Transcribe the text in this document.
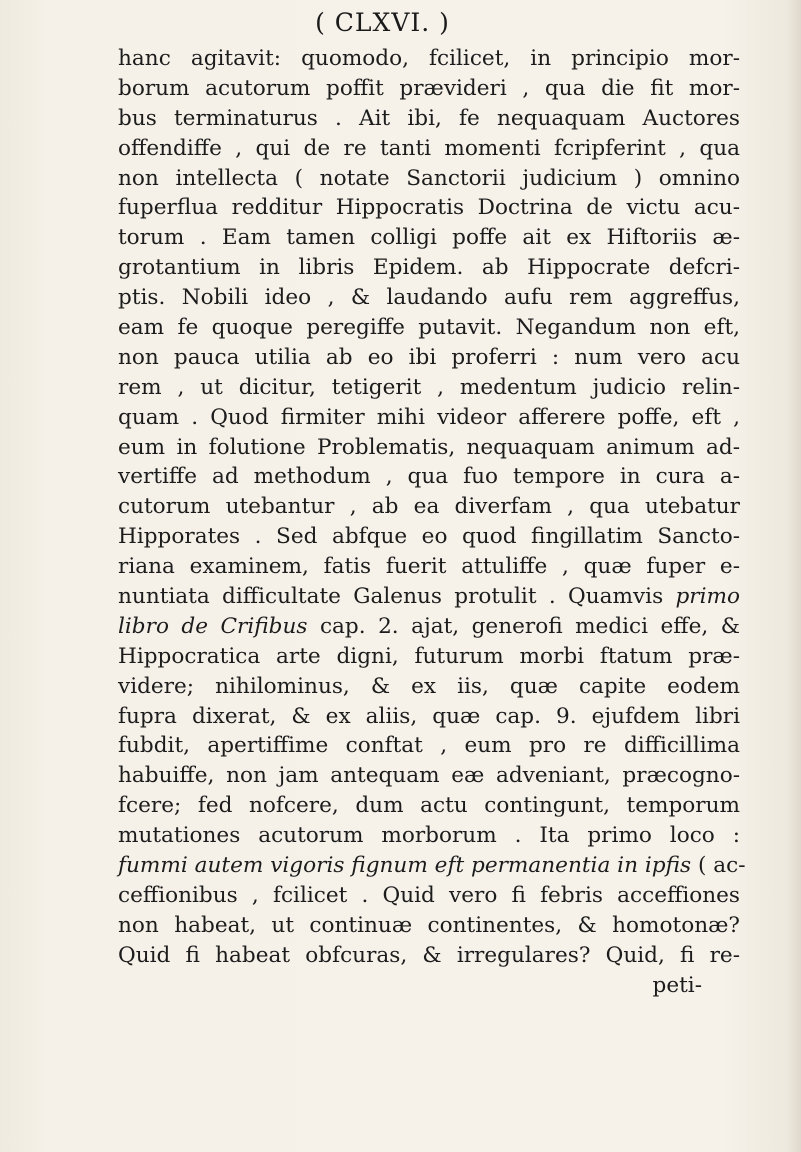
( CLXVI. )
hanc agitavit: quomodo, fcilicet, in principio mor-
borum acutorum poffit prævideri , qua die fit mor-
bus terminaturus . Ait ibi, fe nequaquam Auctores
offendiffe , qui de re tanti momenti fcripferint , qua
non intellecta ( notate Sanctorii judicium ) omnino
fuperflua redditur Hippocratis Doctrina de victu acu-
torum . Eam tamen colligi poffe ait ex Hiftoriis æ-
grotantium in libris Epidem. ab Hippocrate defcri-
ptis. Nobili ideo , & laudando aufu rem aggreffus,
eam fe quoque peregiffe putavit. Negandum non eft,
non pauca utilia ab eo ibi proferri : num vero acu
rem , ut dicitur, tetigerit , medentum judicio relin-
quam . Quod firmiter mihi videor afferere poffe, eft ,
eum in folutione Problematis, nequaquam animum ad-
vertiffe ad methodum , qua fuo tempore in cura a-
cutorum utebantur , ab ea diverfam , qua utebatur
Hipporates . Sed abfque eo quod fingillatim Sancto-
riana examinem, fatis fuerit attuliffe , quæ fuper e-
nuntiata difficultate Galenus protulit . Quamvis primo
libro de Crifibus cap. 2. ajat, generofi medici effe, &
Hippocratica arte digni, futurum morbi ftatum præ-
videre; nihilominus, & ex iis, quæ capite eodem
fupra dixerat, & ex aliis, quæ cap. 9. ejufdem libri
fubdit, apertiffime conftat , eum pro re difficillima
habuiffe, non jam antequam eæ adveniant, præcogno-
fcere; fed nofcere, dum actu contingunt, temporum
mutationes acutorum morborum . Ita primo loco :
fummi autem vigoris fignum eft permanentia in ipfis ( ac-
ceffionibus , fcilicet . Quid vero fi febris acceffiones
non habeat, ut continuæ continentes, & homotonæ?
Quid fi habeat obfcuras, & irregulares? Quid, fi re-
peti-
